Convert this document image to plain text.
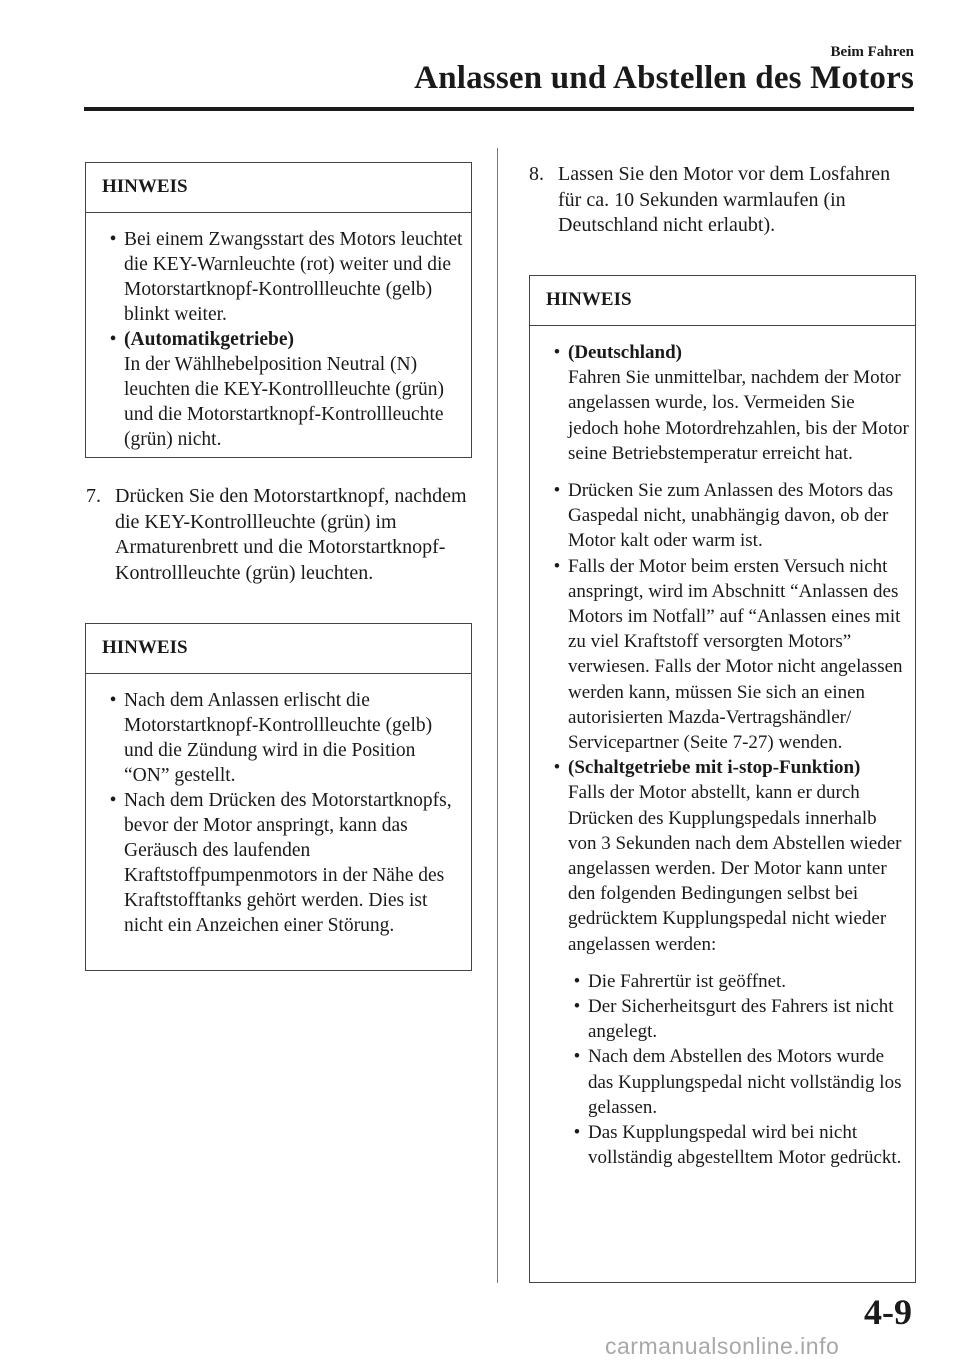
Beim Fahren
Anlassen und Abstellen des Motors
HINWEIS
• Bei einem Zwangsstart des Motors leuchtet die KEY-Warnleuchte (rot) weiter und die Motorstartknopf-Kontrollleuchte (gelb) blinkt weiter.
• (Automatikgetriebe)
In der Wählhebelposition Neutral (N) leuchten die KEY-Kontrollleuchte (grün) und die Motorstartknopf-Kontrollleuchte (grün) nicht.
7. Drücken Sie den Motorstartknopf, nachdem die KEY-Kontrollleuchte (grün) im Armaturenbrett und die Motorstartknopf-Kontrollleuchte (grün) leuchten.
HINWEIS
• Nach dem Anlassen erlischt die Motorstartknopf-Kontrollleuchte (gelb) und die Zündung wird in die Position “ON” gestellt.
• Nach dem Drücken des Motorstartknopfs, bevor der Motor anspringt, kann das Geräusch des laufenden Kraftstoffpumpenmotors in der Nähe des Kraftstofftanks gehört werden. Dies ist nicht ein Anzeichen einer Störung.
8. Lassen Sie den Motor vor dem Losfahren für ca. 10 Sekunden warmlaufen (in Deutschland nicht erlaubt).
HINWEIS
• (Deutschland)
Fahren Sie unmittelbar, nachdem der Motor angelassen wurde, los. Vermeiden Sie jedoch hohe Motordrehzahlen, bis der Motor seine Betriebstemperatur erreicht hat.
• Drücken Sie zum Anlassen des Motors das Gaspedal nicht, unabhängig davon, ob der Motor kalt oder warm ist.
• Falls der Motor beim ersten Versuch nicht anspringt, wird im Abschnitt “Anlassen des Motors im Notfall” auf “Anlassen eines mit zu viel Kraftstoff versorgten Motors” verwiesen. Falls der Motor nicht angelassen werden kann, müssen Sie sich an einen autorisierten Mazda-Vertragshändler/ Servicepartner (Seite 7-27) wenden.
• (Schaltgetriebe mit i-stop-Funktion)
Falls der Motor abstellt, kann er durch Drücken des Kupplungspedals innerhalb von 3 Sekunden nach dem Abstellen wieder angelassen werden. Der Motor kann unter den folgenden Bedingungen selbst bei gedrücktem Kupplungspedal nicht wieder angelassen werden:
• Die Fahrertür ist geöffnet.
• Der Sicherheitsgurt des Fahrers ist nicht angelegt.
• Nach dem Abstellen des Motors wurde das Kupplungspedal nicht vollständig los gelassen.
• Das Kupplungspedal wird bei nicht vollständig abgestelltem Motor gedrückt.
4-9
carmanualsonline.info
